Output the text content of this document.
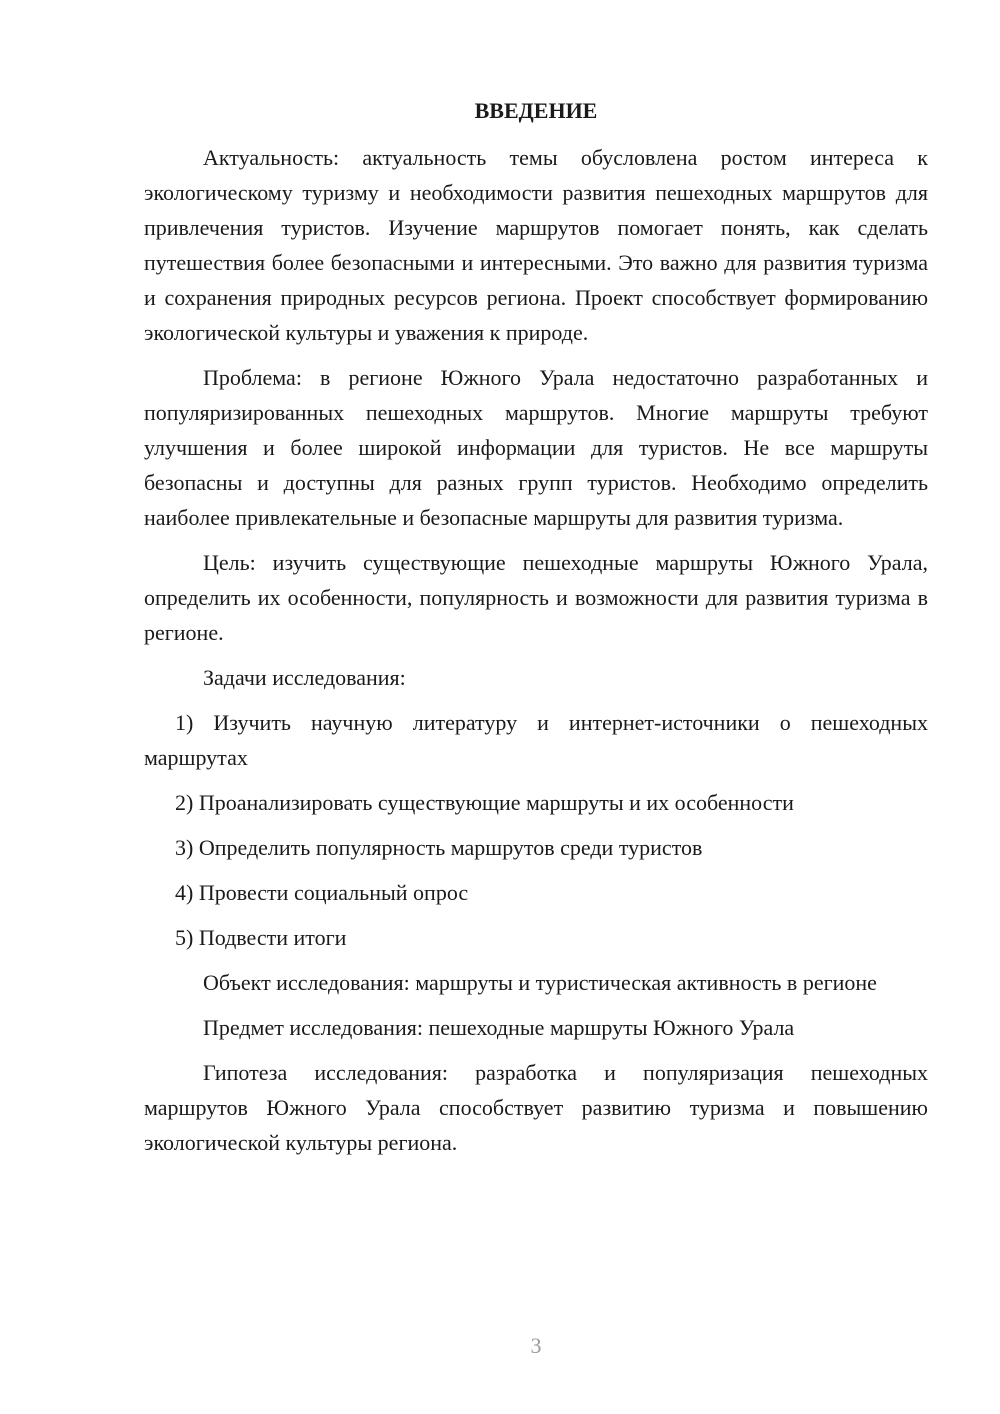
ВВЕДЕНИЕ

Актуальность: актуальность темы обусловлена ростом интереса к экологическому туризму и необходимости развития пешеходных маршрутов для привлечения туристов. Изучение маршрутов помогает понять, как сделать путешествия более безопасными и интересными. Это важно для развития туризма и сохранения природных ресурсов региона. Проект способствует формированию экологической культуры и уважения к природе.

Проблема: в регионе Южного Урала недостаточно разработанных и популяризированных пешеходных маршрутов. Многие маршруты требуют улучшения и более широкой информации для туристов. Не все маршруты безопасны и доступны для разных групп туристов. Необходимо определить наиболее привлекательные и безопасные маршруты для развития туризма.

Цель: изучить существующие пешеходные маршруты Южного Урала, определить их особенности, популярность и возможности для развития туризма в регионе.

Задачи исследования:

1) Изучить научную литературу и интернет-источники о пешеходных маршрутах

2) Проанализировать существующие маршруты и их особенности

3) Определить популярность маршрутов среди туристов

4) Провести социальный опрос

5) Подвести итоги

Объект исследования: маршруты и туристическая активность в регионе

Предмет исследования: пешеходные маршруты Южного Урала

Гипотеза исследования: разработка и популяризация пешеходных маршрутов Южного Урала способствует развитию туризма и повышению экологической культуры региона.

3
